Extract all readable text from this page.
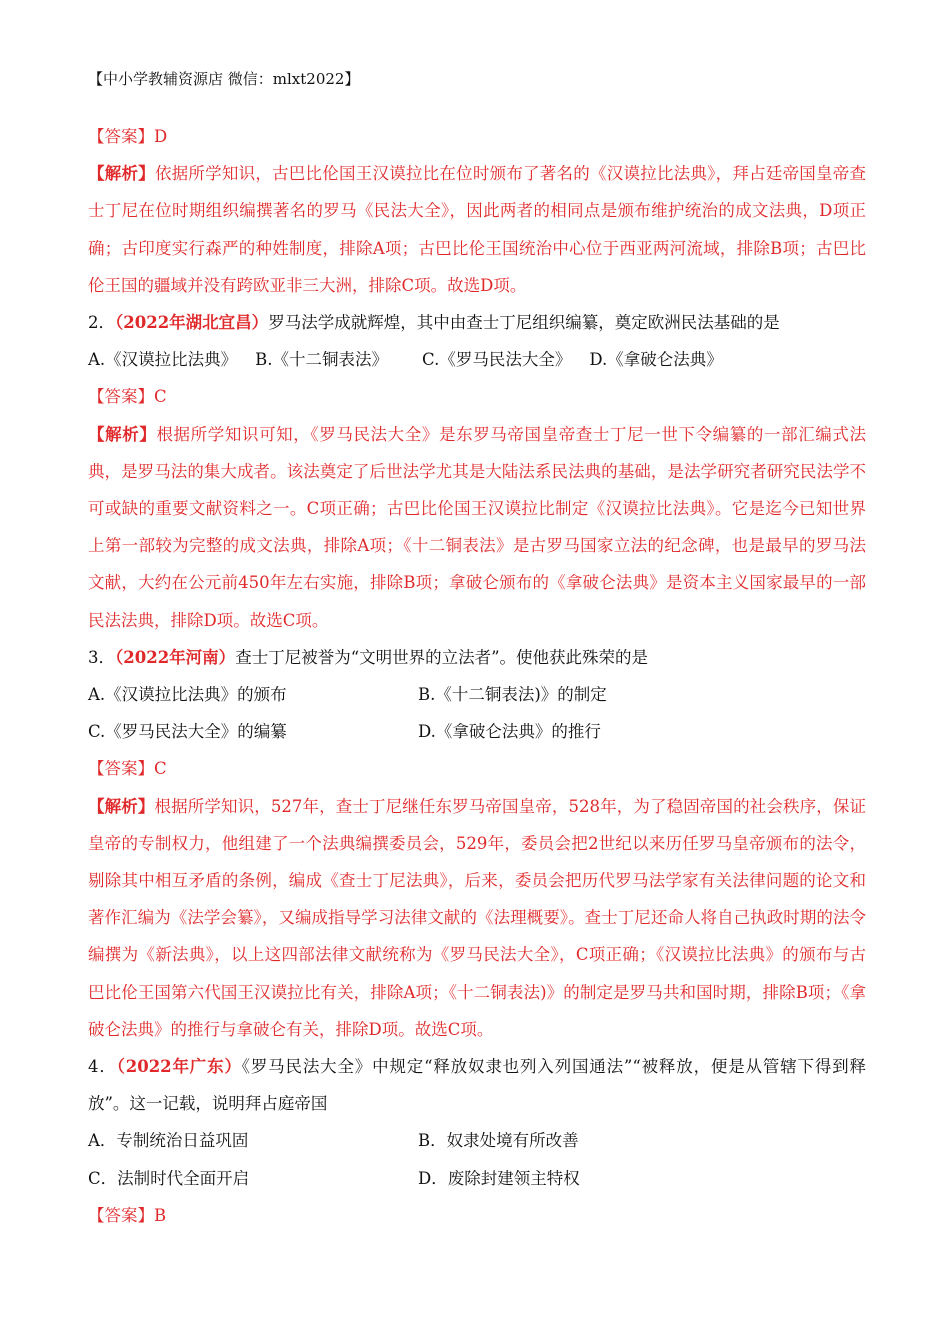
【中小学教辅资源店 微信：mlxt2022】
【答案】D
【解析】依据所学知识，古巴比伦国王汉谟拉比在位时颁布了著名的《汉谟拉比法典》，拜占廷帝国皇帝查士丁尼在位时期组织编撰著名的罗马《民法大全》，因此两者的相同点是颁布维护统治的成文法典，D项正确；古印度实行森严的种姓制度，排除A项；古巴比伦王国统治中心位于西亚两河流域，排除B项；古巴比伦王国的疆域并没有跨欧亚非三大洲，排除C项。故选D项。
2．（2022年湖北宜昌）罗马法学成就辉煌，其中由查士丁尼组织编纂，奠定欧洲民法基础的是
A.《汉谟拉比法典》 B.《十二铜表法》 C.《罗马民法大全》 D.《拿破仑法典》
【答案】C
【解析】根据所学知识可知，《罗马民法大全》是东罗马帝国皇帝查士丁尼一世下令编纂的一部汇编式法典，是罗马法的集大成者。该法奠定了后世法学尤其是大陆法系民法典的基础，是法学研究者研究民法学不可或缺的重要文献资料之一。C项正确；古巴比伦国王汉谟拉比制定《汉谟拉比法典》。它是迄今已知世界上第一部较为完整的成文法典，排除A项；《十二铜表法》是古罗马国家立法的纪念碑，也是最早的罗马法文献，大约在公元前450年左右实施，排除B项；拿破仑颁布的《拿破仑法典》是资本主义国家最早的一部民法法典，排除D项。故选C项。
3．（2022年河南）查士丁尼被誉为“文明世界的立法者”。使他获此殊荣的是
A.《汉谟拉比法典》的颁布	B.《十二铜表法)》的制定
C.《罗马民法大全》的编纂	D.《拿破仑法典》的推行
【答案】C
【解析】根据所学知识，527年，查士丁尼继任东罗马帝国皇帝，528年，为了稳固帝国的社会秩序，保证皇帝的专制权力，他组建了一个法典编撰委员会，529年，委员会把2世纪以来历任罗马皇帝颁布的法令，剔除其中相互矛盾的条例，编成《查士丁尼法典》，后来，委员会把历代罗马法学家有关法律问题的论文和著作汇编为《法学会纂》，又编成指导学习法律文献的《法理概要》。查士丁尼还命人将自己执政时期的法令编撰为《新法典》，以上这四部法律文献统称为《罗马民法大全》，C项正确；《汉谟拉比法典》的颁布与古巴比伦王国第六代国王汉谟拉比有关，排除A项；《十二铜表法)》的制定是罗马共和国时期，排除B项；《拿破仑法典》的推行与拿破仑有关，排除D项。故选C项。
4．（2022年广东）《罗马民法大全》中规定“释放奴隶也列入列国通法”“被释放，便是从管辖下得到释放”。这一记载，说明拜占庭帝国
A．专制统治日益巩固	B．奴隶处境有所改善
C．法制时代全面开启	D．废除封建领主特权
【答案】B
